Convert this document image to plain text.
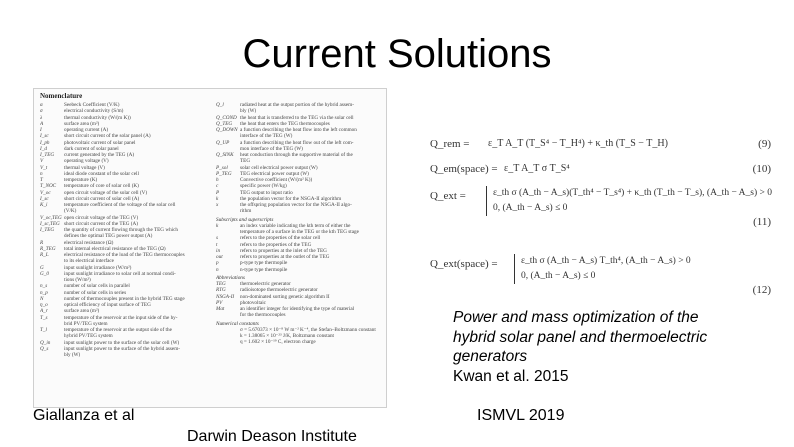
Current Solutions
Nomenclature
α	Seebeck Coefficient (V/K)
σ	electrical conductivity (S/m)
λ	thermal conductivity (W/(m K))
A	surface area (m²)
I	operating current (A)
I_sc	short circuit current of the solar panel (A)
I_ph	photovoltaic current of solar panel
I_d	dark current of solar panel
I_TEG	current generated by the TEG (A)
V	operating voltage (V)
V_t	thermal voltage (V)
n	ideal diode constant of the solar cell
T	temperature (K)
T_NOC	temperature of core of solar cell (K)
V_oc	open circuit voltage of the solar cell (V)
I_sc	short circuit current of solar cell (A)
K_i	temperature coefficient of the voltage of the solar cell
(V/K)
V_oc,TEG open circuit voltage of the TEG (V)
I_sc,TEG short circuit current of the TEG (A)
I_TEG	the quantity of current flowing through the TEG which
defines the optimal TEG power output (A)
R	electrical resistance (Ω)
R_TEG	total internal electrical resistance of the TEG (Ω)
R_L	electrical resistance of the load of the TEG thermocouples
to its electrical interface
G	input sunlight irradiance (W/m²)
G_0	input sunlight irradiance to solar cell at normal condi-
tions (W/m²)
n_s	number of solar cells in parallel
n_p	number of solar cells in series
N	number of thermocouples present in the hybrid TEG stage
η_o	optical efficiency of input surface of TEG
A_r	surface area (m²)
T_s	temperature of the reservoir at the input side of the hy-
brid PV/TEG system
T_l	temperature of the reservoir at the output side of the
hybrid PV/TEG system
Q_in	input sunlight power to the surface of the solar cell (W)
Q_s	input sunlight power to the surface of the hybrid assem-
bly (W)
Q_l	radiated heat at the output portion of the hybrid assem-
bly (W)
Q_COND the heat that is transferred to the TEG via the solar cell
Q_TEG	the heat that enters the TEG thermocouples
Q_DOWN a function describing the heat flow into the left common
interface of the TEG (W)
Q_UP	a function describing the heat flow out of the left com-
mon interface of the TEG (W)
Q_SINK	heat conduction through the supportive material of the
TEG
P_sol	solar cell electrical power output (W)
P_TEG	TEG electrical power output (W)
h	Convective coefficient (W/(m² K))
c	specific power (W/kg)
P	TEG output to input ratio
k	the population vector for the NSGA-II algorithm
x	the offspring population vector for the NSGA-II algo-
rithm
Subscripts and superscripts
k	an index variable indicating the kth term of either the
temperature of a surface in the TEG or the kth TEG stage
s	refers to the properties of the solar cell
t	refers to the properties of the TEG
in	refers to properties at the inlet of the TEG
out	refers to properties at the outlet of the TEG
p	p-type type thermopile
n	n-type type thermopile
Abbreviations
TEG	thermoelectric generator
RTG	radioisotope thermoelectric generator
NSGA-II	non-dominated sorting genetic algorithm II
PV	photovoltaic
Mat	an identifier integer for identifying the type of material
for the thermocouples
Numerical constants
σ = 5.670373 × 10⁻⁸ W m⁻² K⁻⁴, the Stefan–Boltzmann constant
k = 1.38065 × 10⁻²³ J/K, Boltzmann constant
q = 1.602 × 10⁻¹⁹ C, electron charge
Q_rem = ε_T A_T (T_S⁴ − T_H⁴) + κ_th (T_S − T_H)	(9)
Q_em(space) = ε_T A_T σ T_S⁴	(10)
Q_ext =	ε_th σ (A_th − A_s)(T_th⁴ − T_s⁴) + κ_th (T_th − T_s), (A_th − A_s) > 0
0, (A_th − A_s) ≤ 0
(11)
Q_ext(space) = ε_th σ (A_th − A_s) T_th⁴, (A_th − A_s) > 0
0, (A_th − A_s) ≤ 0
(12)
Power and mass optimization of the
hybrid solar panel and thermoelectric
generators
Kwan et al. 2015
Giallanza et al
Darwin Deason Institute
ISMVL 2019
